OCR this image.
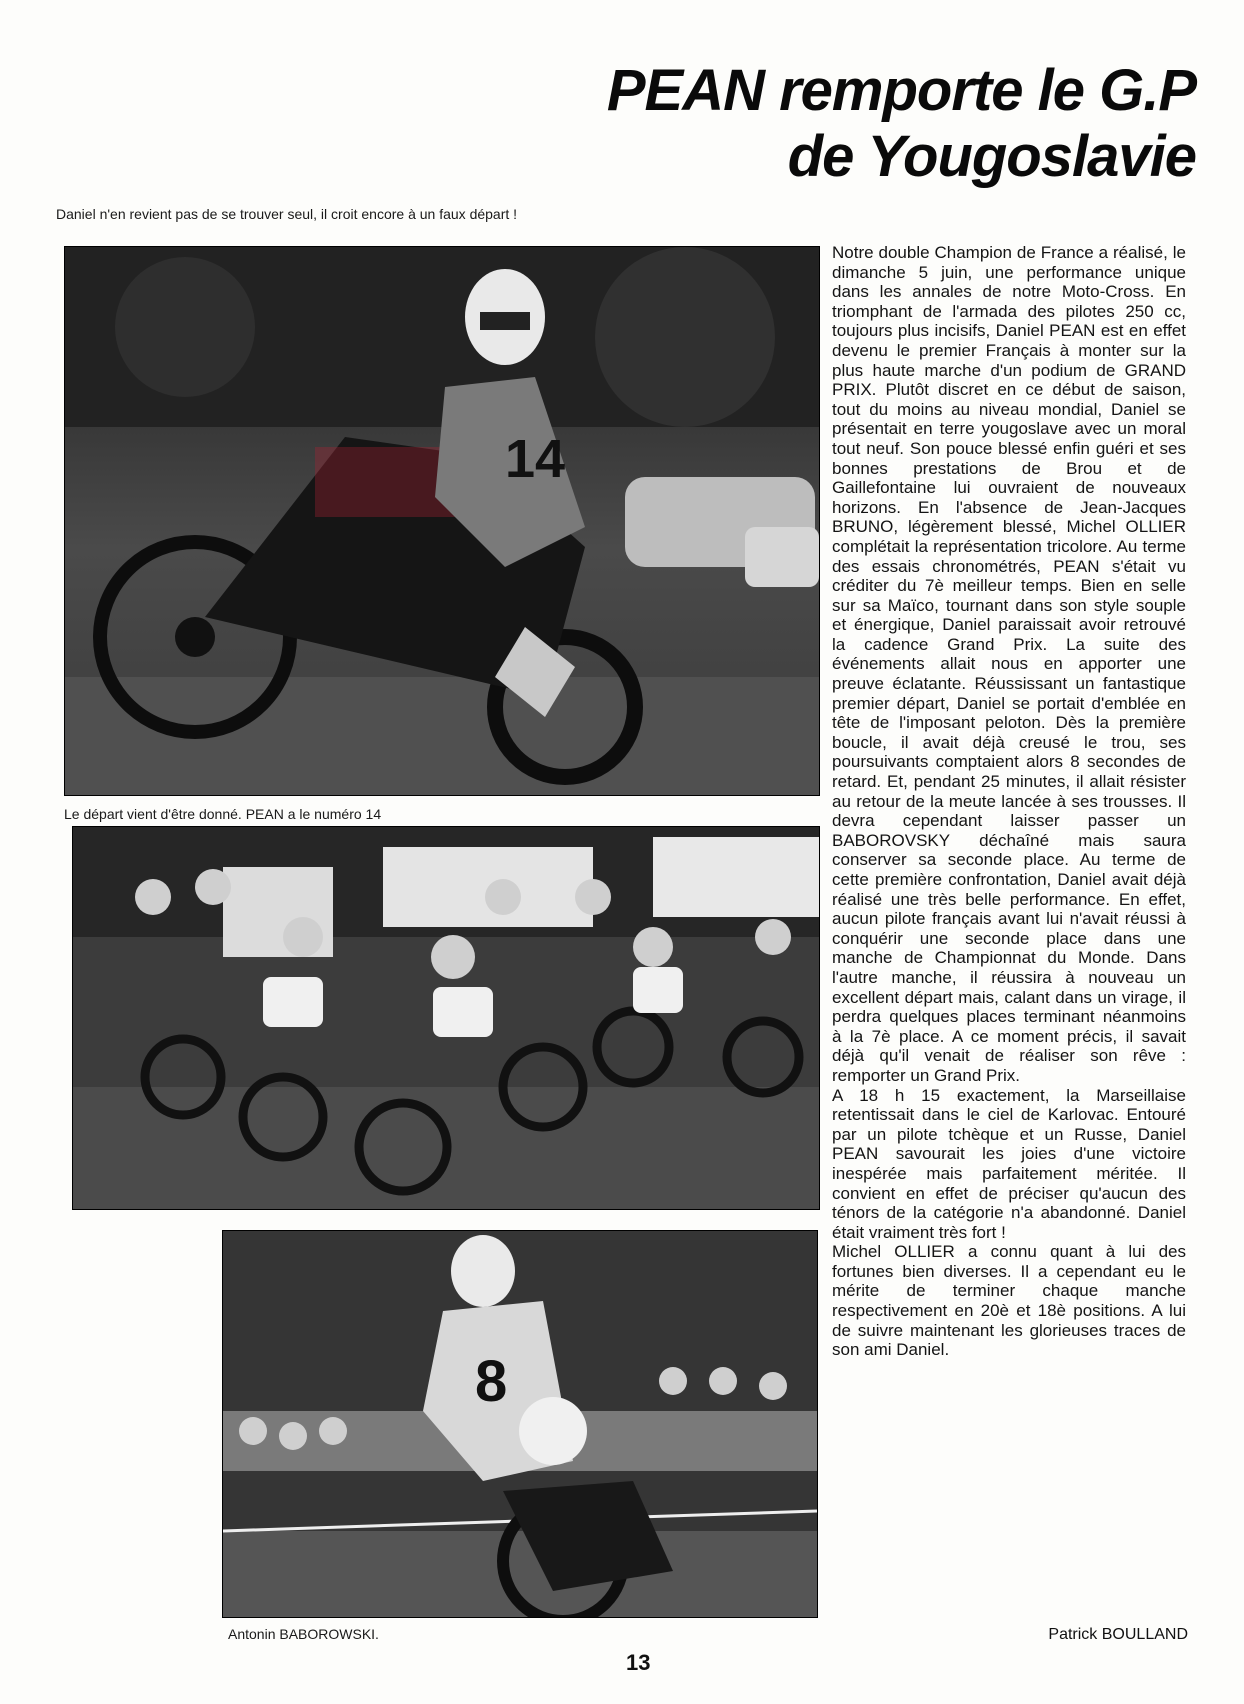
PEAN remporte le G.P
de Yougoslavie
Daniel n'en revient pas de se trouver seul, il croit encore à un faux départ !
14
Le départ vient d'être donné. PEAN a le numéro 14
8
Antonin BABOROWSKI.

Notre double Champion de France a réalisé, le dimanche 5 juin, une performance unique dans les annales de notre Moto-Cross. En triomphant de l'armada des pilotes 250 cc, toujours plus incisifs, Daniel PEAN est en effet devenu le premier Français à monter sur la plus haute marche d'un podium de GRAND PRIX. Plutôt discret en ce début de saison, tout du moins au niveau mondial, Daniel se présentait en terre yougoslave avec un moral tout neuf. Son pouce blessé enfin guéri et ses bonnes prestations de Brou et de Gaillefontaine lui ouvraient de nouveaux horizons. En l'absence de Jean-Jacques BRUNO, légèrement blessé, Michel OLLIER complétait la représentation tricolore. Au terme des essais chronométrés, PEAN s'était vu créditer du 7è meilleur temps. Bien en selle sur sa Maïco, tournant dans son style souple et énergique, Daniel paraissait avoir retrouvé la cadence Grand Prix. La suite des événements allait nous en apporter une preuve éclatante. Réussissant un fantastique premier départ, Daniel se portait d'emblée en tête de l'imposant peloton. Dès la première boucle, il avait déjà creusé le trou, ses poursuivants comptaient alors 8 secondes de retard. Et, pendant 25 minutes, il allait résister au retour de la meute lancée à ses trousses. Il devra cependant laisser passer un BABOROVSKY déchaîné mais saura conserver sa seconde place. Au terme de cette première confrontation, Daniel avait déjà réalisé une très belle performance. En effet, aucun pilote français avant lui n'avait réussi à conquérir une seconde place dans une manche de Championnat du Monde. Dans l'autre manche, il réussira à nouveau un excellent départ mais, calant dans un virage, il perdra quelques places terminant néanmoins à la 7è place. A ce moment précis, il savait déjà qu'il venait de réaliser son rêve : remporter un Grand Prix.

A 18 h 15 exactement, la Marseillaise retentissait dans le ciel de Karlovac. Entouré par un pilote tchèque et un Russe, Daniel PEAN savourait les joies d'une victoire inespérée mais parfaitement méritée. Il convient en effet de préciser qu'aucun des ténors de la catégorie n'a abandonné. Daniel était vraiment très fort !

Michel OLLIER a connu quant à lui des fortunes bien diverses. Il a cependant eu le mérite de terminer chaque manche respectivement en 20è et 18è positions. A lui de suivre maintenant les glorieuses traces de son ami Daniel.

Patrick BOULLAND
13
